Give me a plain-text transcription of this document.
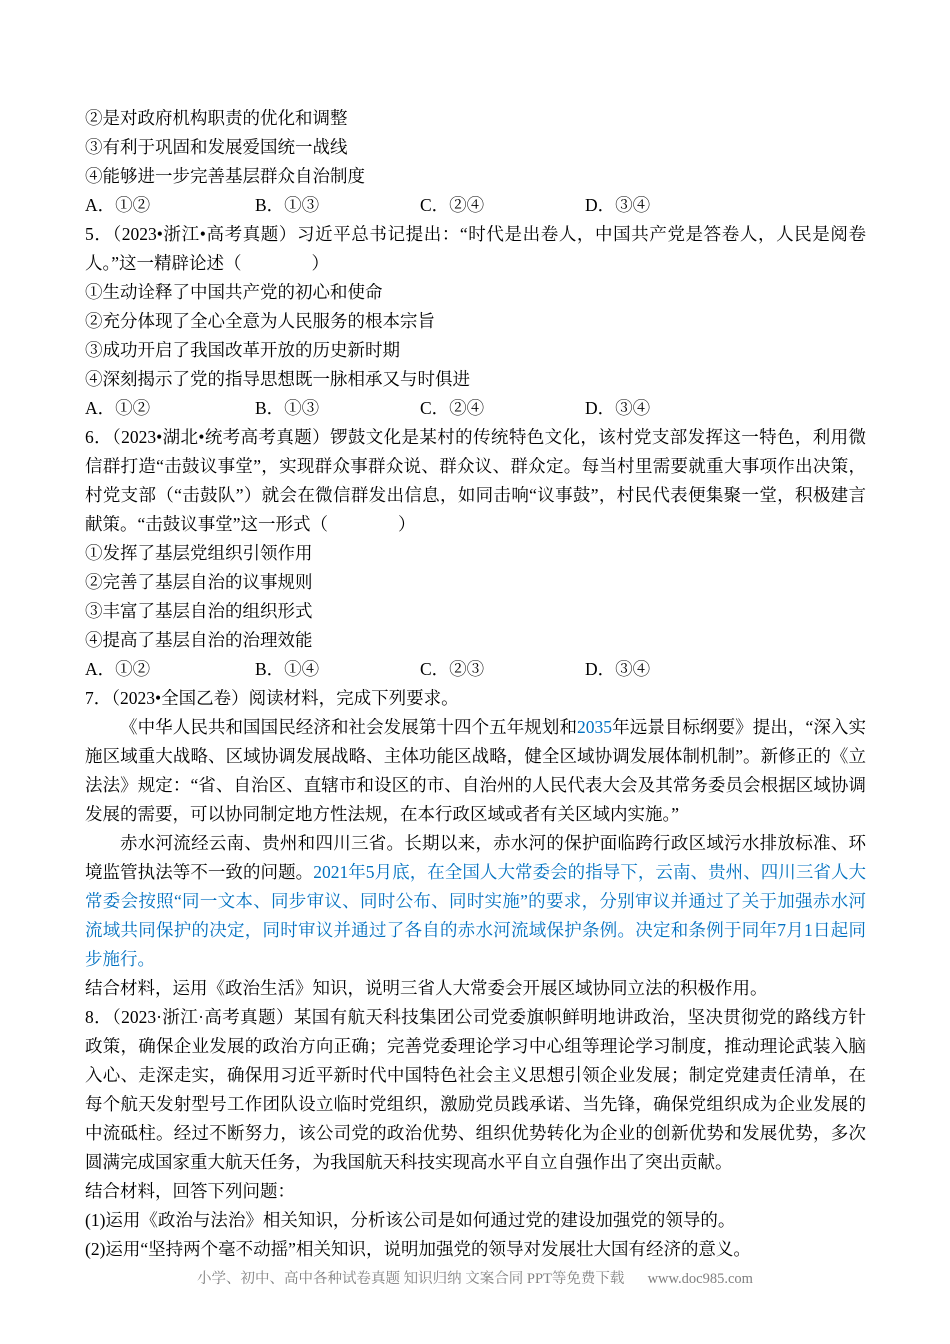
②是对政府机构职责的优化和调整

③有利于巩固和发展爱国统一战线

④能够进一步完善基层群众自治制度

A．①②	B．①③	C．②④	D．③④

5．（2023•浙江•高考真题）习近平总书记提出：“时代是出卷人，中国共产党是答卷人，人民是阅卷人。”这一精辟论述（　　　　）

①生动诠释了中国共产党的初心和使命

②充分体现了全心全意为人民服务的根本宗旨

③成功开启了我国改革开放的历史新时期

④深刻揭示了党的指导思想既一脉相承又与时俱进

A．①②	B．①③	C．②④	D．③④

6．（2023•湖北•统考高考真题）锣鼓文化是某村的传统特色文化，该村党支部发挥这一特色，利用微信群打造“击鼓议事堂”，实现群众事群众说、群众议、群众定。每当村里需要就重大事项作出决策，村党支部（“击鼓队”）就会在微信群发出信息，如同击响“议事鼓”，村民代表便集聚一堂，积极建言献策。“击鼓议事堂”这一形式（　　　　）

①发挥了基层党组织引领作用

②完善了基层自治的议事规则

③丰富了基层自治的组织形式

④提高了基层自治的治理效能

A．①②	B．①④	C．②③	D．③④

7．（2023•全国乙卷）阅读材料，完成下列要求。

《中华人民共和国国民经济和社会发展第十四个五年规划和2035年远景目标纲要》提出，“深入实施区域重大战略、区域协调发展战略、主体功能区战略，健全区域协调发展体制机制”。新修正的《立法法》规定：“省、自治区、直辖市和设区的市、自治州的人民代表大会及其常务委员会根据区域协调发展的需要，可以协同制定地方性法规，在本行政区域或者有关区域内实施。”

赤水河流经云南、贵州和四川三省。长期以来，赤水河的保护面临跨行政区域污水排放标准、环境监管执法等不一致的问题。2021年5月底，在全国人大常委会的指导下，云南、贵州、四川三省人大常委会按照“同一文本、同步审议、同时公布、同时实施”的要求，分别审议并通过了关于加强赤水河流域共同保护的决定，同时审议并通过了各自的赤水河流域保护条例。决定和条例于同年7月1日起同步施行。

结合材料，运用《政治生活》知识，说明三省人大常委会开展区域协同立法的积极作用。

8．（2023·浙江·高考真题）某国有航天科技集团公司党委旗帜鲜明地讲政治，坚决贯彻党的路线方针政策，确保企业发展的政治方向正确；完善党委理论学习中心组等理论学习制度，推动理论武装入脑入心、走深走实，确保用习近平新时代中国特色社会主义思想引领企业发展；制定党建责任清单，在每个航天发射型号工作团队设立临时党组织，激励党员践承诺、当先锋，确保党组织成为企业发展的中流砥柱。经过不断努力，该公司党的政治优势、组织优势转化为企业的创新优势和发展优势，多次圆满完成国家重大航天任务，为我国航天科技实现高水平自立自强作出了突出贡献。

结合材料，回答下列问题：

(1)运用《政治与法治》相关知识，分析该公司是如何通过党的建设加强党的领导的。

(2)运用“坚持两个毫不动摇”相关知识，说明加强党的领导对发展壮大国有经济的意义。

小学、初中、高中各种试卷真题 知识归纳 文案合同 PPT等免费下载 www.doc985.com
